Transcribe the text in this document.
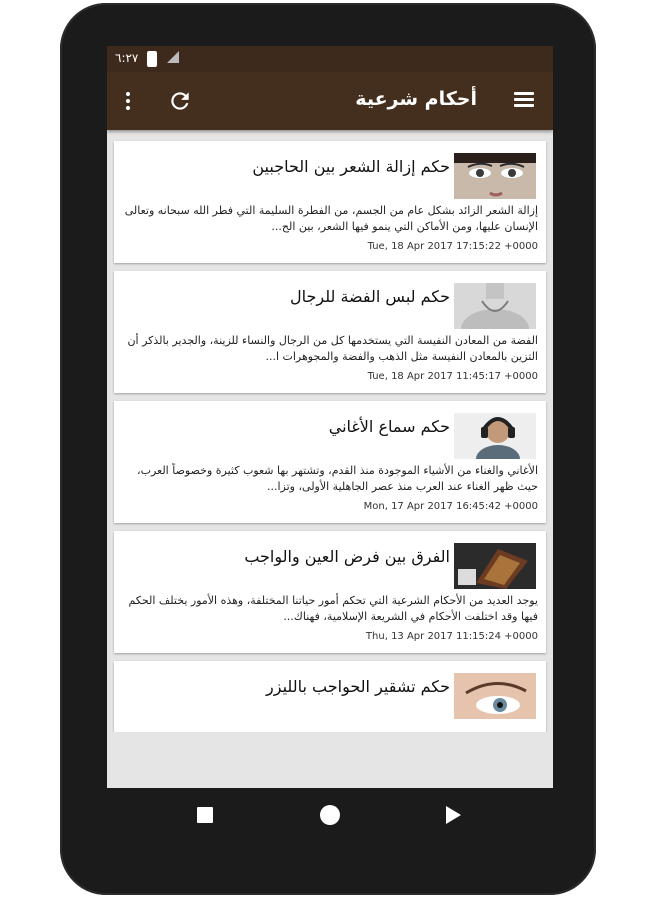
٦:٢٧
أحكام شرعية
حكم إزالة الشعر بين الحاجبين
إزالة الشعر الزائد بشكل عام من الجسم، من الفطرة السليمة التي فطر الله سبحانه وتعالى الإنسان عليها، ومن الأماكن التي ينمو فيها الشعر، بين الح...
Tue, 18 Apr 2017 17:15:22 +0000
حكم لبس الفضة للرجال
الفضة من المعادن النفيسة التي يستخدمها كل من الرجال والنساء للزينة، والجدير بالذكر أن التزين بالمعادن النفيسة مثل الذهب والفضة والمجوهرات ا...
Tue, 18 Apr 2017 11:45:17 +0000
حكم سماع الأغاني
الأغاني والغناء من الأشياء الموجودة منذ القدم، وتشتهر بها شعوب كثيرة وخصوصاً العرب، حيث ظهر الغناء عند العرب منذ عصر الجاهلية الأولى، وتزا...
Mon, 17 Apr 2017 16:45:42 +0000
الفرق بين فرض العين والواجب
يوجد العديد من الأحكام الشرعية التي تحكم أمور حياتنا المختلفة، وهذه الأمور يختلف الحكم فيها وقد اختلفت الأحكام في الشريعة الإسلامية، فهناك...
Thu, 13 Apr 2017 11:15:24 +0000
حكم تشقير الحواجب بالليزر
